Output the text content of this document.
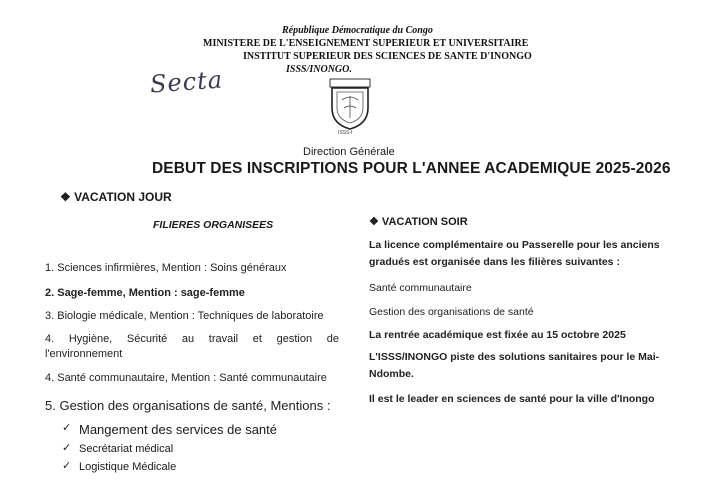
République Démocratique du Congo
MINISTERE DE L'ENSEIGNEMENT SUPERIEUR ET UNIVERSITAIRE
INSTITUT SUPERIEUR DES SCIENCES DE SANTE D'INONGO
ISSS/INONGO.
Secta
ISSS-I
Direction Générale
DEBUT DES INSCRIPTIONS POUR L'ANNEE ACADEMIQUE 2025-2026
❖ VACATION JOUR
FILIERES ORGANISEES
1. Sciences infirmières, Mention : Soins généraux
2. Sage-femme, Mention : sage-femme
3. Biologie médicale, Mention : Techniques de laboratoire
4. Hygiène, Sécurité au travail et gestion de
l'environnement
4. Santé communautaire, Mention : Santé communautaire
5. Gestion des organisations de santé, Mentions :
✓ Mangement des services de santé
✓ Secrétariat médical
✓ Logistique Médicale
❖ VACATION SOIR
La licence complémentaire ou Passerelle pour les anciens
gradués est organisée dans les filières suivantes :
Santé communautaire
Gestion des organisations de santé
La rentrée académique est fixée au 15 octobre 2025
L'ISSS/INONGO piste des solutions sanitaires pour le Mai-
Ndombe.
Il est le leader en sciences de santé pour la ville d'Inongo
